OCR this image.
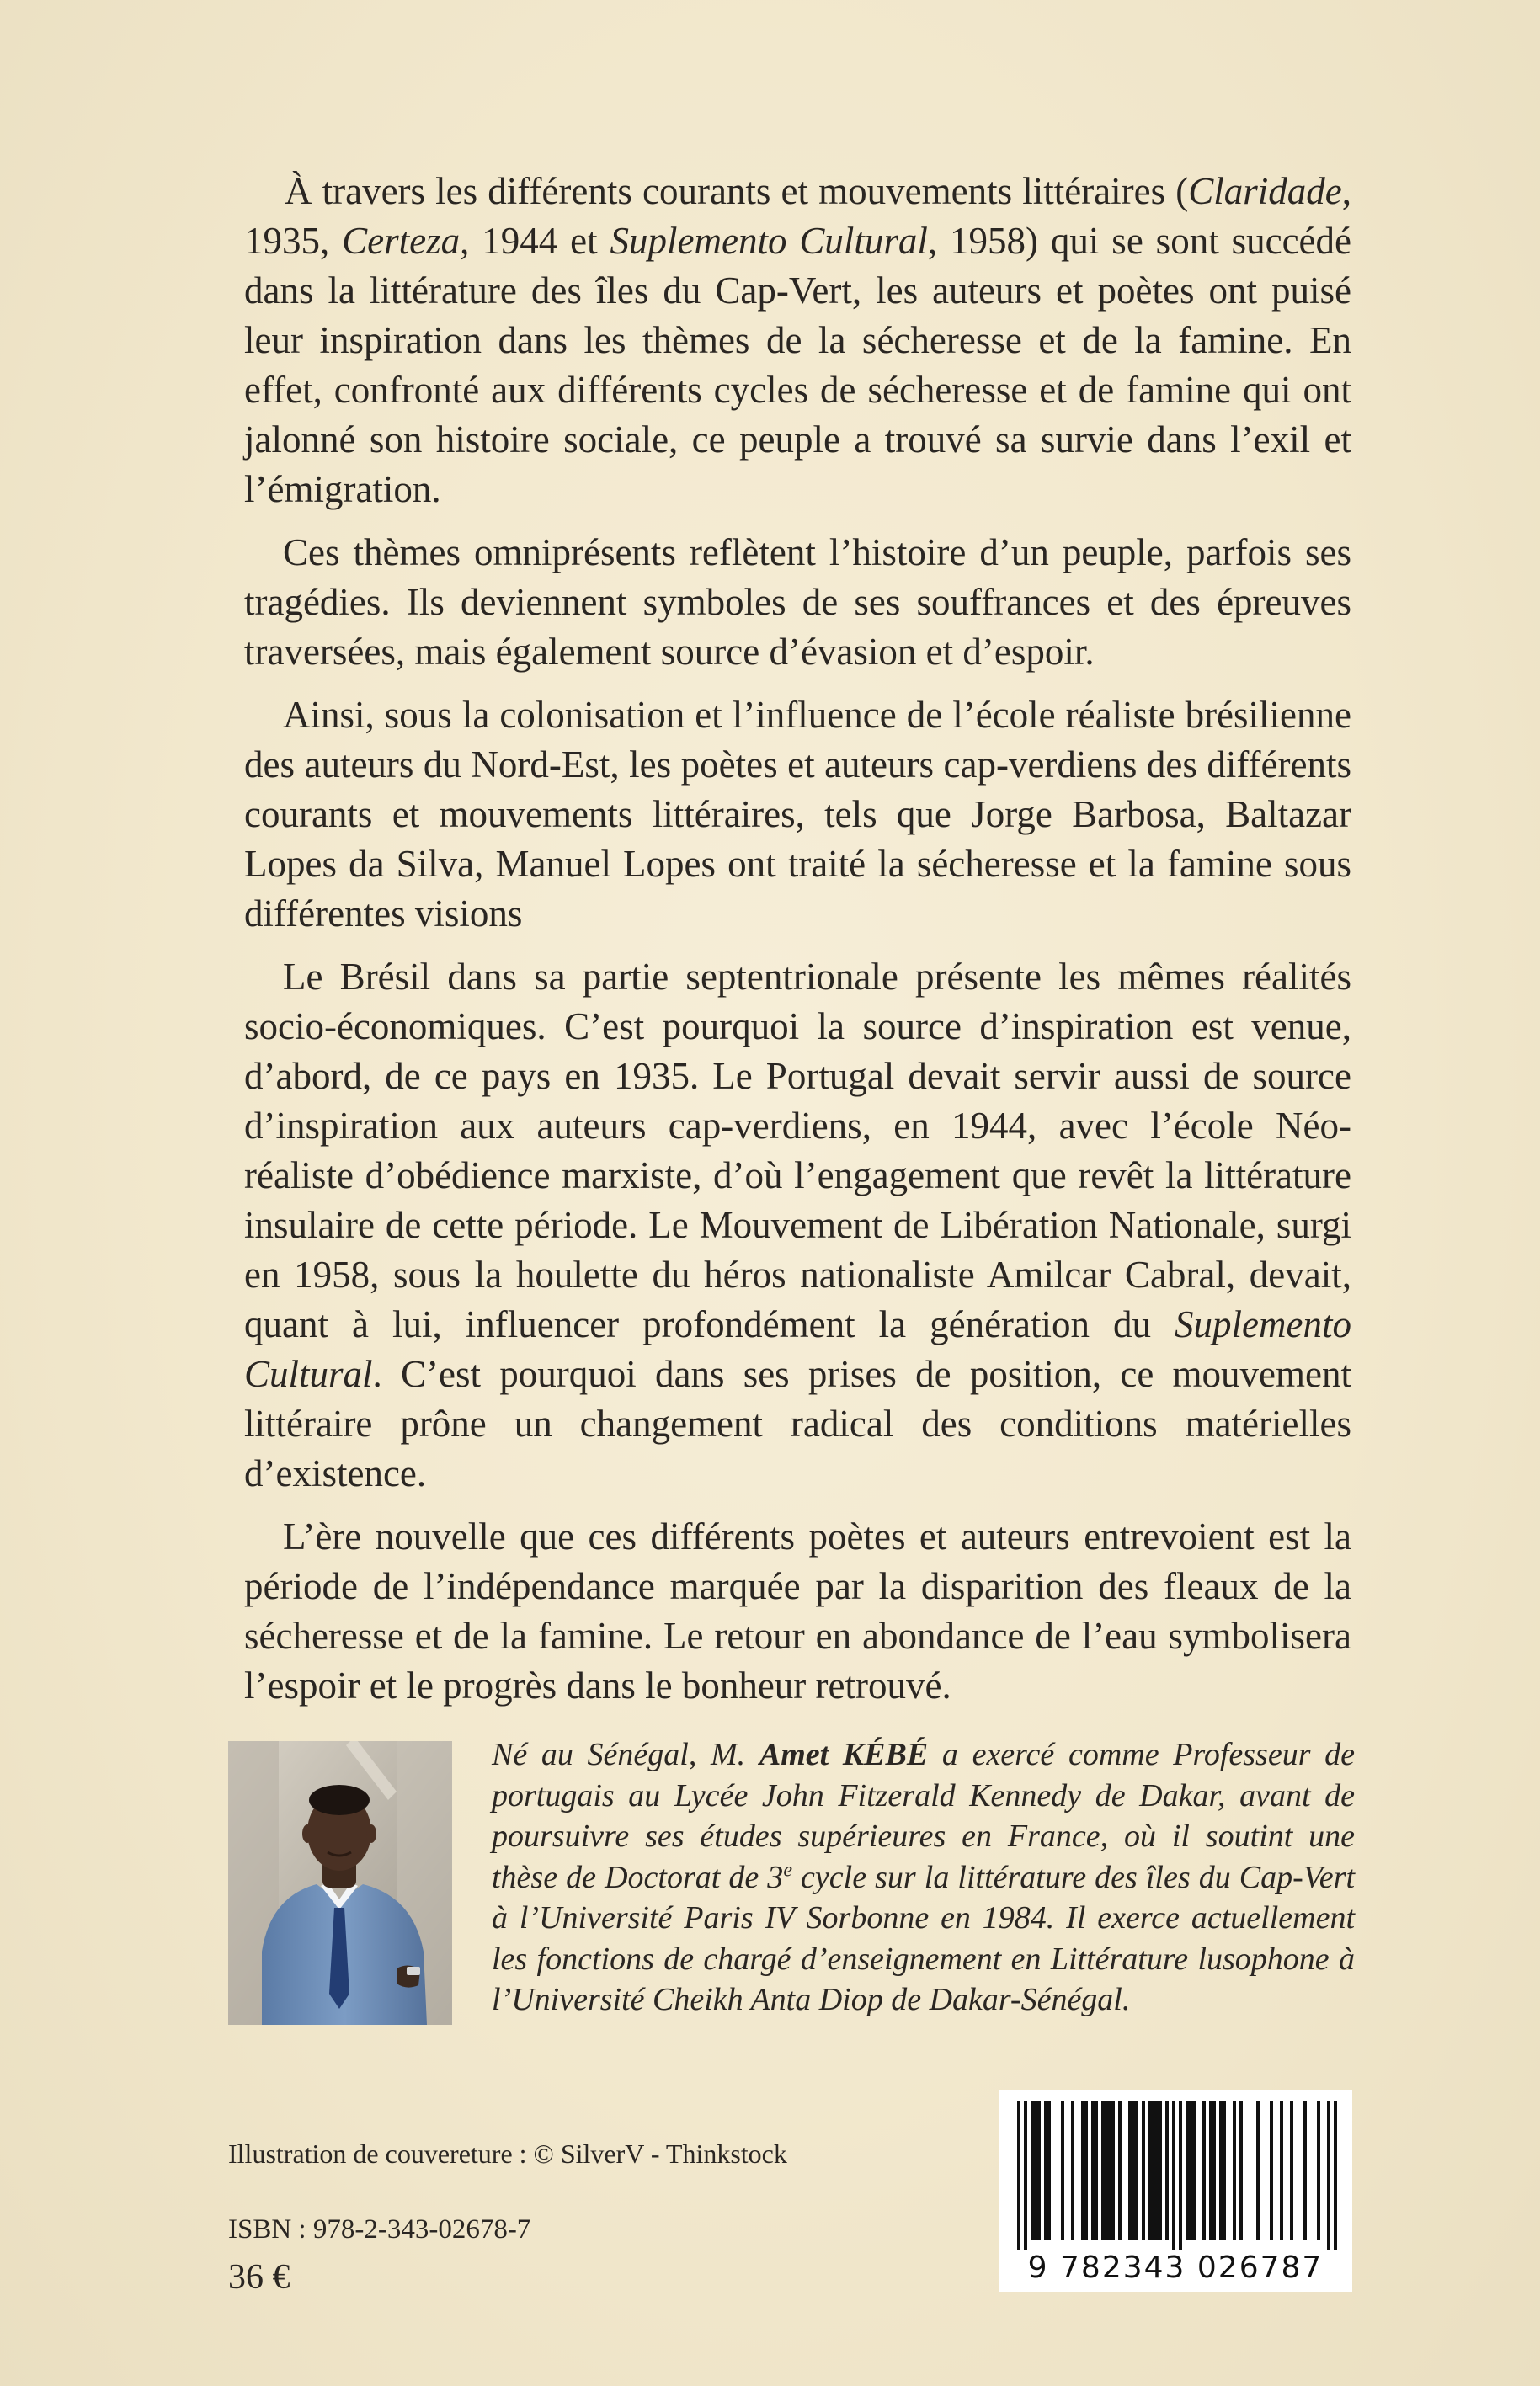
À travers les différents courants et mouvements littéraires (Claridade, 1935, Certeza, 1944 et Suplemento Cultural, 1958) qui se sont succédé dans la littérature des îles du Cap-Vert, les auteurs et poètes ont puisé leur inspiration dans les thèmes de la sécheresse et de la famine. En effet, confronté aux différents cycles de sécheresse et de famine qui ont jalonné son histoire sociale, ce peuple a trouvé sa survie dans l’exil et l’émigration.

Ces thèmes omniprésents reflètent l’histoire d’un peuple, parfois ses tragédies. Ils deviennent symboles de ses souffrances et des épreuves traversées, mais également source d’évasion et d’espoir.

Ainsi, sous la colonisation et l’influence de l’école réaliste brésilienne des auteurs du Nord-Est, les poètes et auteurs cap-verdiens des différents courants et mouvements littéraires, tels que Jorge Barbosa, Baltazar Lopes da Silva, Manuel Lopes ont traité la sécheresse et la famine sous différentes visions

Le Brésil dans sa partie septentrionale présente les mêmes réalités socio-économiques. C’est pourquoi la source d’inspiration est venue, d’abord, de ce pays en 1935. Le Portugal devait servir aussi de source d’inspiration aux auteurs cap-verdiens, en 1944, avec l’école Néo-réaliste d’obédience marxiste, d’où l’engagement que revêt la littérature insulaire de cette période. Le Mouvement de Libération Nationale, surgi en 1958, sous la houlette du héros nationaliste Amilcar Cabral, devait, quant à lui, influencer profondément la génération du Suplemento Cultural. C’est pourquoi dans ses prises de position, ce mouvement littéraire prône un changement radical des conditions matérielles d’existence.

L’ère nouvelle que ces différents poètes et auteurs entrevoient est la période de l’indépendance marquée par la disparition des fleaux de la sécheresse et de la famine. Le retour en abondance de l’eau symbolisera l’espoir et le progrès dans le bonheur retrouvé.

Né au Sénégal, M. Amet KÉBÉ a exercé comme Professeur de portugais au Lycée John Fitzerald Kennedy de Dakar, avant de poursuivre ses études supérieures en France, où il soutint une thèse de Doctorat de 3e cycle sur la littérature des îles du Cap-Vert à l’Université Paris IV Sorbonne en 1984. Il exerce actuellement les fonctions de chargé d’enseignement en Littérature lusophone à l’Université Cheikh Anta Diop de Dakar-Sénégal.
Illustration de couvereture : © SilverV - Thinkstock
ISBN : 978-2-343-02678-7
36 €	9 782343 026787
